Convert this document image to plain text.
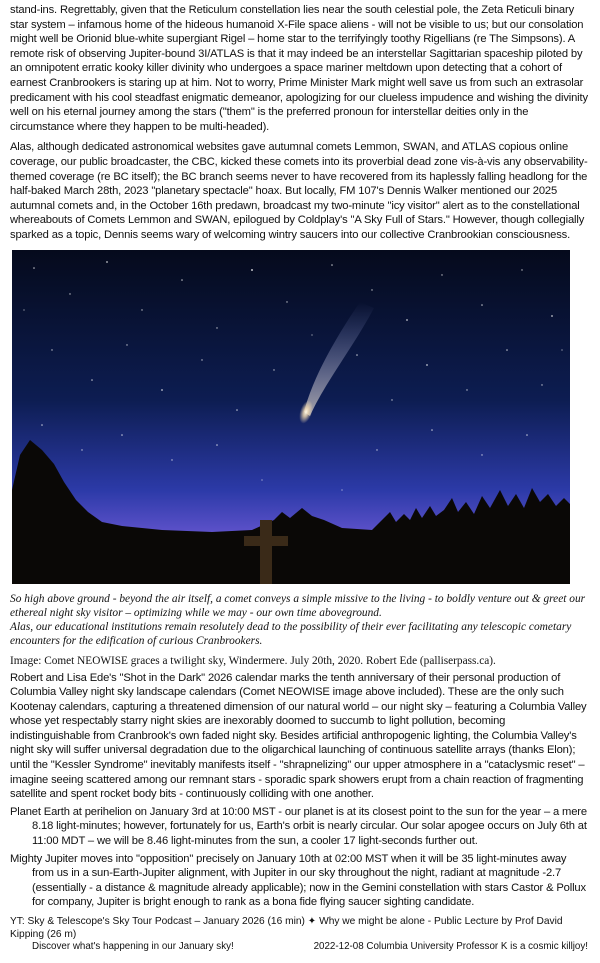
stand-ins. Regrettably, given that the Reticulum constellation lies near the south celestial pole, the Zeta Reticuli binary star system – infamous home of the hideous humanoid X-File space aliens - will not be visible to us; but our consolation might well be Orionid blue-white supergiant Rigel – home star to the terrifyingly toothy Rigellians (re The Simpsons). A remote risk of observing Jupiter-bound 3I/ATLAS is that it may indeed be an interstellar Sagittarian spaceship piloted by an omnipotent erratic kooky killer divinity who undergoes a space mariner meltdown upon detecting that a cohort of earnest Cranbrookers is staring up at him. Not to worry, Prime Minister Mark might well save us from such an extrasolar predicament with his cool steadfast enigmatic demeanor, apologizing for our clueless impudence and wishing the divinity well on his eternal journey among the stars ("them" is the preferred pronoun for interstellar deities only in the circumstance where they happen to be multi-headed).

Alas, although dedicated astronomical websites gave autumnal comets Lemmon, SWAN, and ATLAS copious online coverage, our public broadcaster, the CBC, kicked these comets into its proverbial dead zone vis-à-vis any observability-themed coverage (re BC itself); the BC branch seems never to have recovered from its haplessly falling headlong for the half-baked March 28th, 2023 "planetary spectacle" hoax. But locally, FM 107's Dennis Walker mentioned our 2025 autumnal comets and, in the October 16th predawn, broadcast my two-minute "icy visitor" alert as to the constellational whereabouts of Comets Lemmon and SWAN, epilogued by Coldplay's "A Sky Full of Stars." However, though collegially sparked as a topic, Dennis seems wary of welcoming wintry saucers into our collective Cranbrookian consciousness.

So high above ground - beyond the air itself, a comet conveys a simple missive to the living - to boldly venture out & greet our ethereal night sky visitor – optimizing while we may - our own time aboveground.

Alas, our educational institutions remain resolutely dead to the possibility of their ever facilitating any telescopic cometary encounters for the edification of curious Cranbrookers.

Image: Comet NEOWISE graces a twilight sky, Windermere. July 20th, 2020. Robert Ede (palliserpass.ca).

Robert and Lisa Ede's "Shot in the Dark" 2026 calendar marks the tenth anniversary of their personal production of Columbia Valley night sky landscape calendars (Comet NEOWISE image above included). These are the only such Kootenay calendars, capturing a threatened dimension of our natural world – our night sky – featuring a Columbia Valley whose yet respectably starry night skies are inexorably doomed to succumb to light pollution, becoming indistinguishable from Cranbrook's own faded night sky. Besides artificial anthropogenic lighting, the Columbia Valley's night sky will suffer universal degradation due to the oligarchical launching of continuous satellite arrays (thanks Elon); until the "Kessler Syndrome" inevitably manifests itself - "shrapnelizing" our upper atmosphere in a "cataclysmic reset" – imagine seeing scattered among our remnant stars - sporadic spark showers erupt from a chain reaction of fragmenting satellite and spent rocket body bits - continuously colliding with one another.

Planet Earth at perihelion on January 3rd at 10:00 MST - our planet is at its closest point to the sun for the year – a mere 8.18 light-minutes; however, fortunately for us, Earth's orbit is nearly circular. Our solar apogee occurs on July 6th at 11:00 MDT – we will be 8.46 light-minutes from the sun, a cooler 17 light-seconds further out.

Mighty Jupiter moves into "opposition" precisely on January 10th at 02:00 MST when it will be 35 light-minutes away from us in a sun-Earth-Jupiter alignment, with Jupiter in our sky throughout the night, radiant at magnitude -2.7 (essentially - a distance & magnitude already applicable); now in the Gemini constellation with stars Castor & Pollux for company, Jupiter is bright enough to rank as a bona fide flying saucer sighting candidate.

YT: Sky & Telescope's Sky Tour Podcast – January 2026 (16 min) ✦ Why we might be alone - Public Lecture by Prof David Kipping (26 m)

Discover what's happening in our January sky!	2022-12-08 Columbia University Professor K is a cosmic killjoy!
